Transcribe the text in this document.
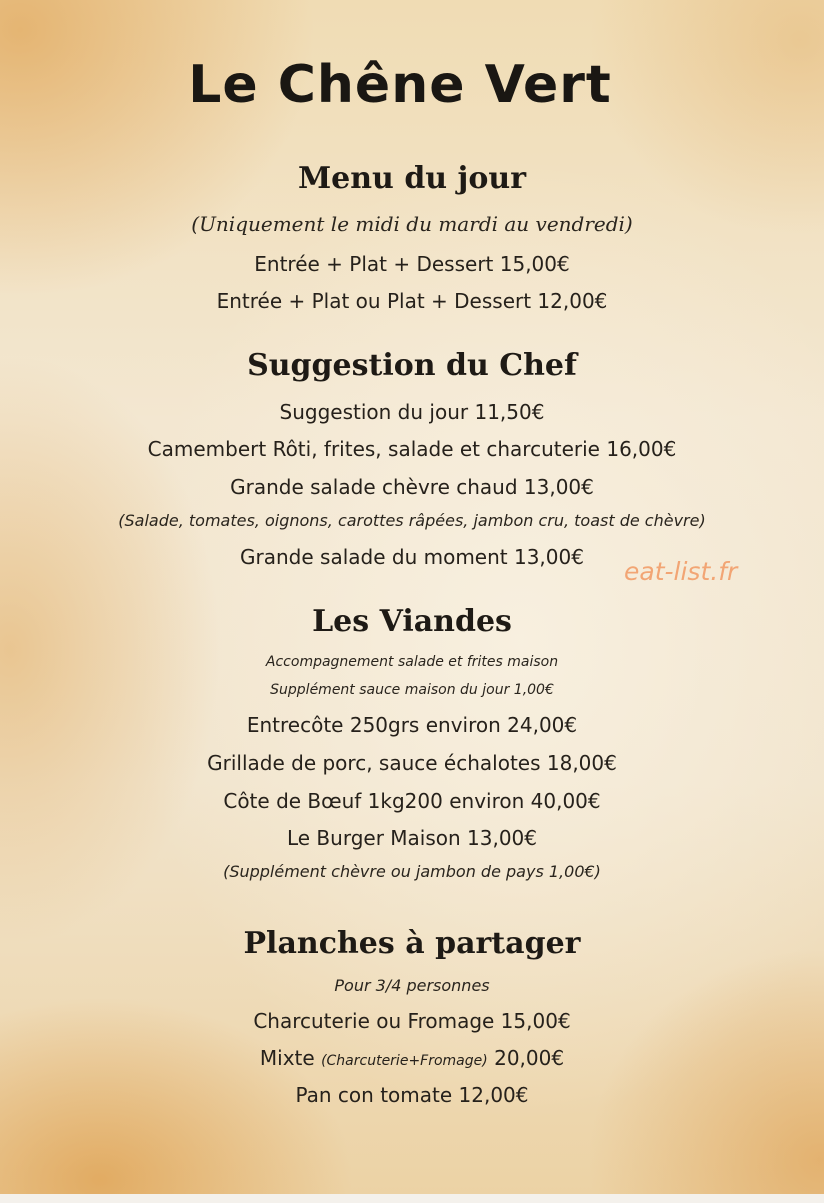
Le Chêne Vert
Menu du jour
(Uniquement le midi du mardi au vendredi)
Entrée + Plat + Dessert 15,00€
Entrée + Plat ou Plat + Dessert 12,00€
Suggestion du Chef
Suggestion du jour 11,50€
Camembert Rôti, frites, salade et charcuterie 16,00€
Grande salade chèvre chaud 13,00€
(Salade, tomates, oignons, carottes râpées, jambon cru, toast de chèvre)
Grande salade du moment 13,00€
Les Viandes
Accompagnement salade et frites maison
Supplément sauce maison du jour 1,00€
Entrecôte 250grs environ 24,00€
Grillade de porc, sauce échalotes 18,00€
Côte de Bœuf 1kg200 environ 40,00€
Le Burger Maison 13,00€
(Supplément chèvre ou jambon de pays 1,00€)
Planches à partager
Pour 3/4 personnes
Charcuterie ou Fromage 15,00€
Mixte (Charcuterie+Fromage) 20,00€
Pan con tomate 12,00€
eat-list.fr
